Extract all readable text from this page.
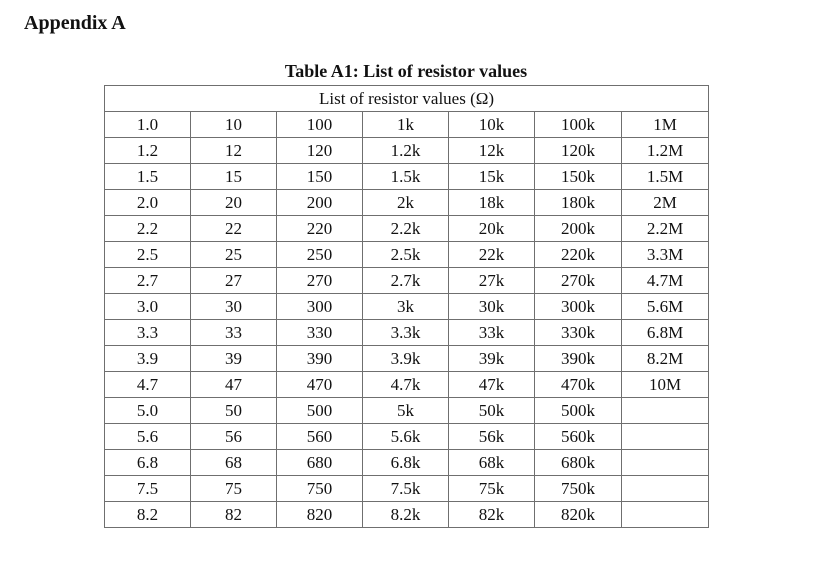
Appendix A
Table A1: List of resistor values
List of resistor values (Ω)						
1.0	10	100	1k	10k	100k	1M
1.2	12	120	1.2k	12k	120k	1.2M
1.5	15	150	1.5k	15k	150k	1.5M
2.0	20	200	2k	18k	180k	2M
2.2	22	220	2.2k	20k	200k	2.2M
2.5	25	250	2.5k	22k	220k	3.3M
2.7	27	270	2.7k	27k	270k	4.7M
3.0	30	300	3k	30k	300k	5.6M
3.3	33	330	3.3k	33k	330k	6.8M
3.9	39	390	3.9k	39k	390k	8.2M
4.7	47	470	4.7k	47k	470k	10M
5.0	50	500	5k	50k	500k	
5.6	56	560	5.6k	56k	560k	
6.8	68	680	6.8k	68k	680k	
7.5	75	750	7.5k	75k	750k	
8.2	82	820	8.2k	82k	820k	
